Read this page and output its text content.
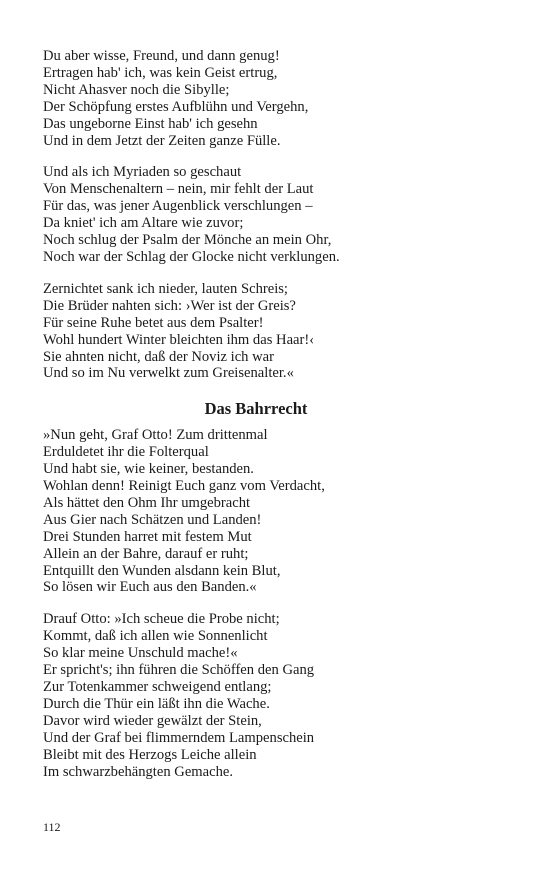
Du aber wisse, Freund, und dann genug!
Ertragen hab' ich, was kein Geist ertrug,
Nicht Ahasver noch die Sibylle;
Der Schöpfung erstes Aufblühn und Vergehn,
Das ungeborne Einst hab' ich gesehn
Und in dem Jetzt der Zeiten ganze Fülle.
Und als ich Myriaden so geschaut
Von Menschenaltern – nein, mir fehlt der Laut
Für das, was jener Augenblick verschlungen –
Da kniet' ich am Altare wie zuvor;
Noch schlug der Psalm der Mönche an mein Ohr,
Noch war der Schlag der Glocke nicht verklungen.
Zernichtet sank ich nieder, lauten Schreis;
Die Brüder nahten sich: ›Wer ist der Greis?
Für seine Ruhe betet aus dem Psalter!
Wohl hundert Winter bleichten ihm das Haar!‹
Sie ahnten nicht, daß der Noviz ich war
Und so im Nu verwelkt zum Greisenalter.«
Das Bahrrecht
»Nun geht, Graf Otto! Zum drittenmal
Erduldetet ihr die Folterqual
Und habt sie, wie keiner, bestanden.
Wohlan denn! Reinigt Euch ganz vom Verdacht,
Als hättet den Ohm Ihr umgebracht
Aus Gier nach Schätzen und Landen!
Drei Stunden harret mit festem Mut
Allein an der Bahre, darauf er ruht;
Entquillt den Wunden alsdann kein Blut,
So lösen wir Euch aus den Banden.«
Drauf Otto: »Ich scheue die Probe nicht;
Kommt, daß ich allen wie Sonnenlicht
So klar meine Unschuld mache!«
Er spricht's; ihn führen die Schöffen den Gang
Zur Totenkammer schweigend entlang;
Durch die Thür ein läßt ihn die Wache.
Davor wird wieder gewälzt der Stein,
Und der Graf bei flimmerndem Lampenschein
Bleibt mit des Herzogs Leiche allein
Im schwarzbehängten Gemache.
112
